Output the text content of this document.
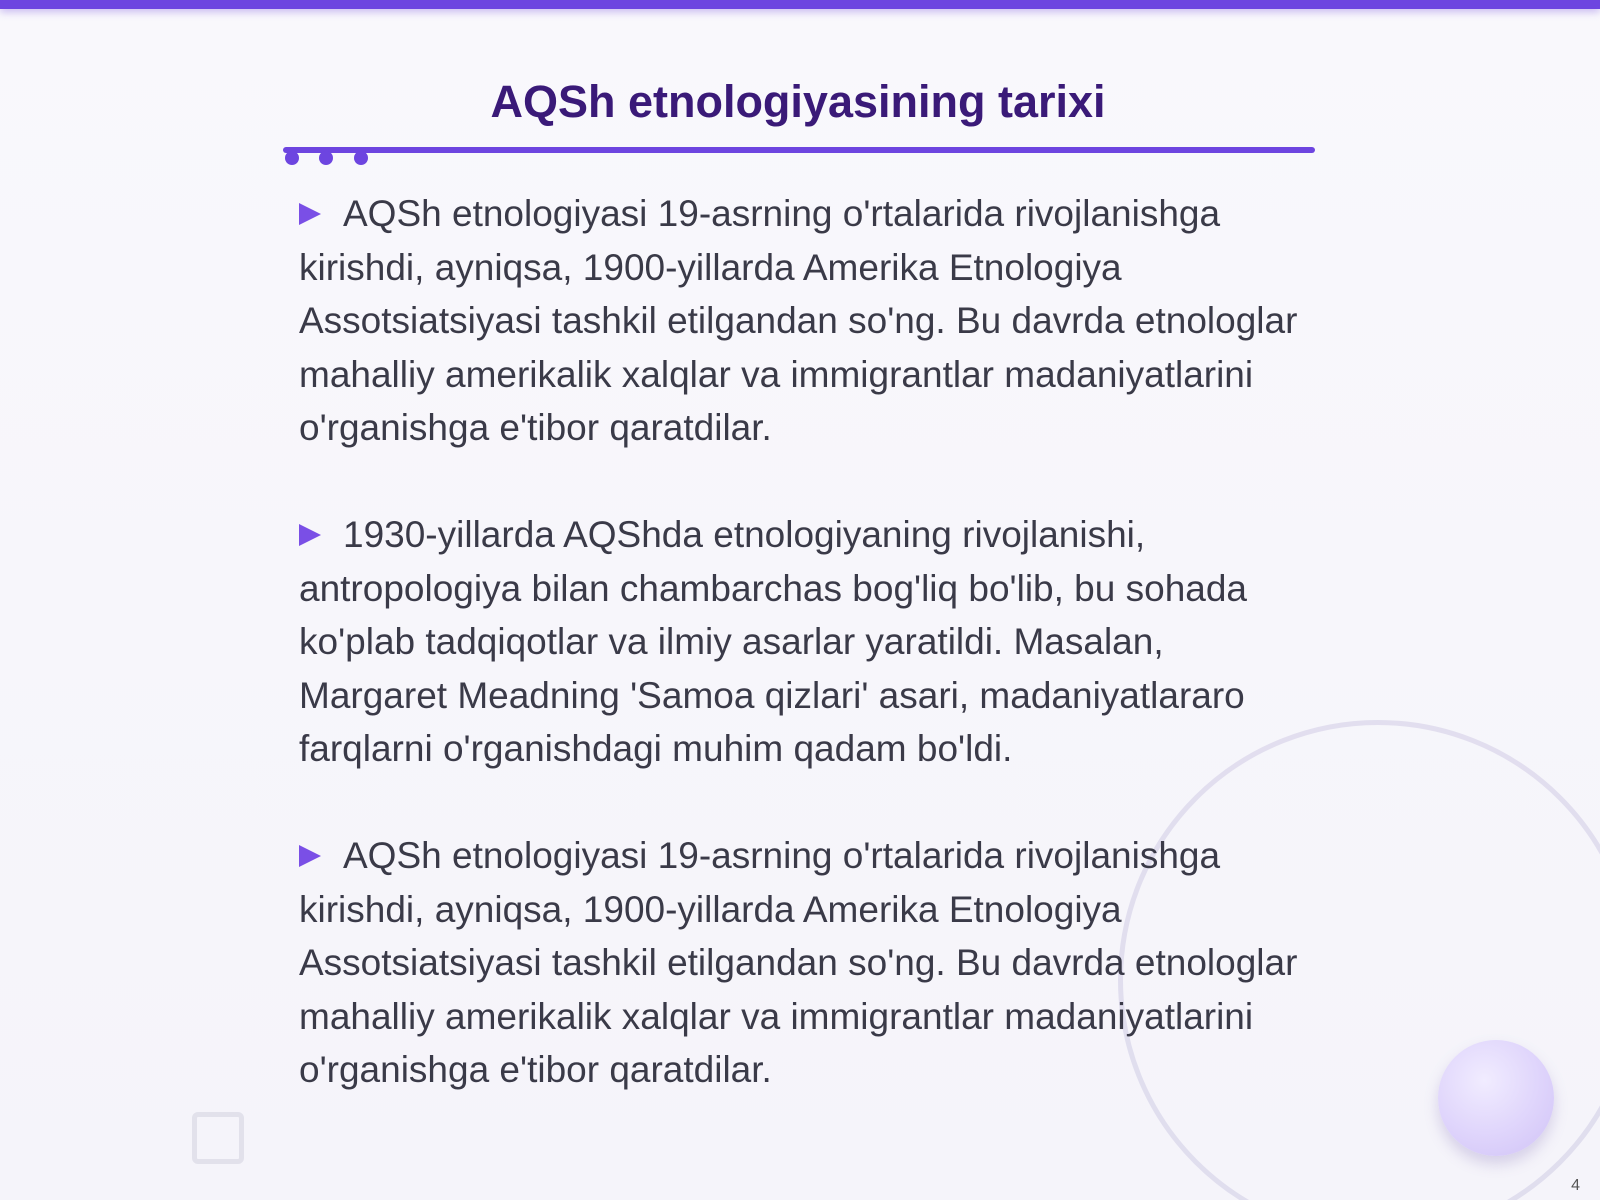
AQSh etnologiyasining tarixi

AQSh etnologiyasi 19-asrning o'rtalarida rivojlanishga kirishdi, ayniqsa, 1900-yillarda Amerika Etnologiya Assotsiatsiyasi tashkil etilgandan so'ng. Bu davrda etnologlar mahalliy amerikalik xalqlar va immigrantlar madaniyatlarini o'rganishga e'tibor qaratdilar.

1930-yillarda AQShda etnologiyaning rivojlanishi, antropologiya bilan chambarchas bog'liq bo'lib, bu sohada ko'plab tadqiqotlar va ilmiy asarlar yaratildi. Masalan, Margaret Meadning 'Samoa qizlari' asari, madaniyatlararo farqlarni o'rganishdagi muhim qadam bo'ldi.

AQSh etnologiyasi 19-asrning o'rtalarida rivojlanishga kirishdi, ayniqsa, 1900-yillarda Amerika Etnologiya Assotsiatsiyasi tashkil etilgandan so'ng. Bu davrda etnologlar mahalliy amerikalik xalqlar va immigrantlar madaniyatlarini o'rganishga e'tibor qaratdilar.

4
